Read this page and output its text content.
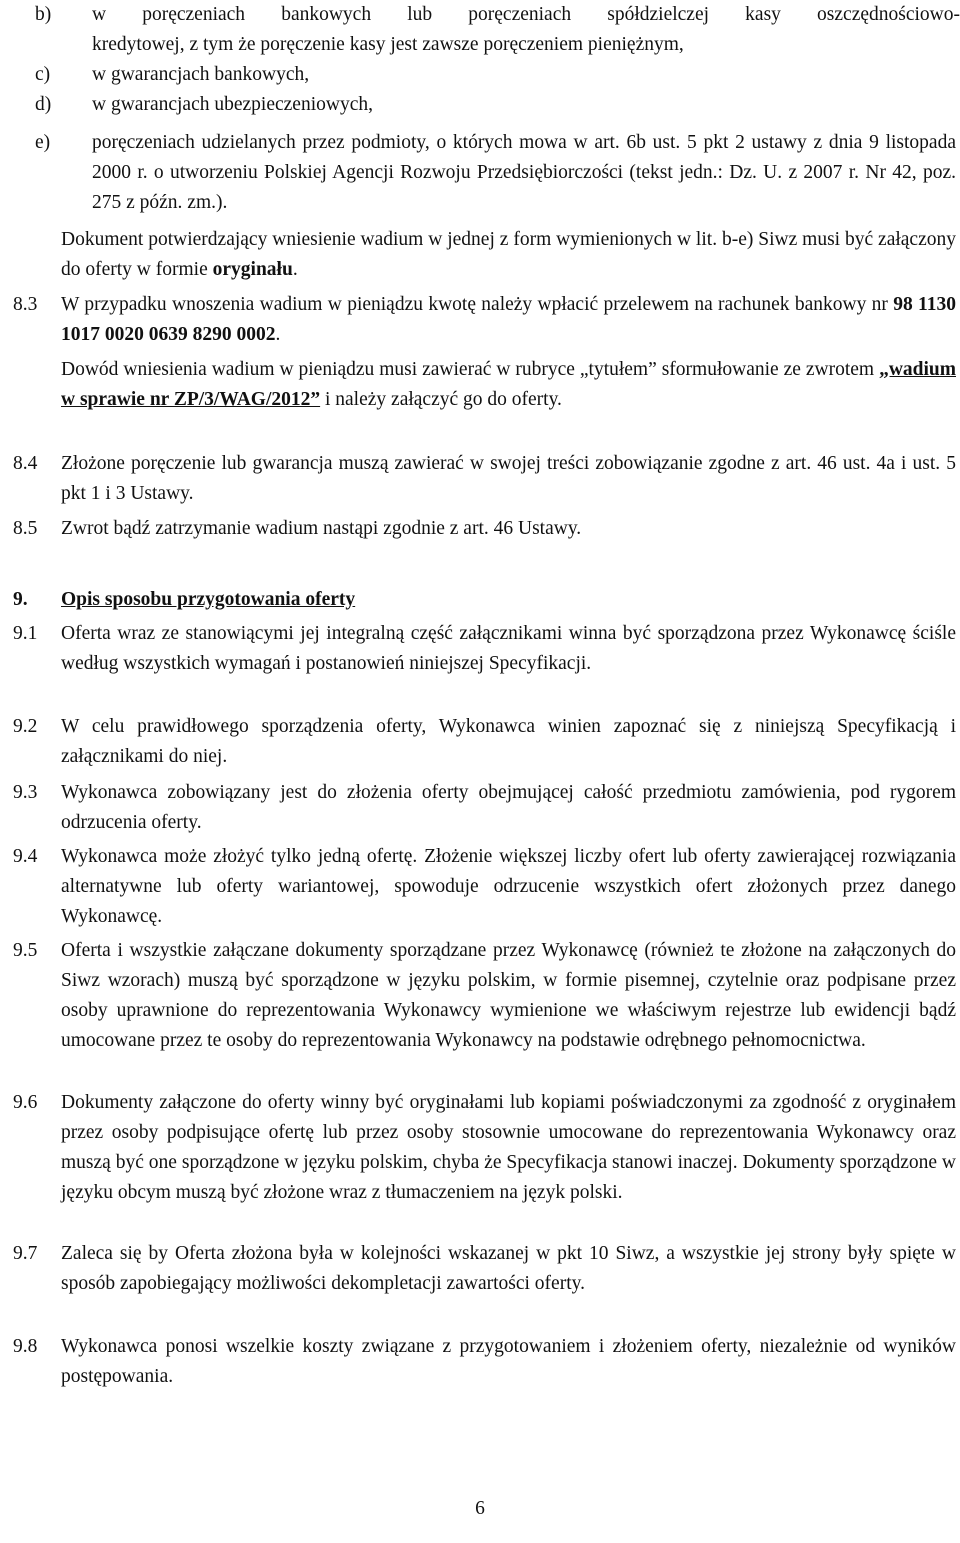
b) w poręczeniach bankowych lub poręczeniach spółdzielczej kasy oszczędnościowo-
kredytowej, z tym że poręczenie kasy jest zawsze poręczeniem pieniężnym,
c) w gwarancjach bankowych,
d) w gwarancjach ubezpieczeniowych,
e) poręczeniach udzielanych przez podmioty, o których mowa w art. 6b ust. 5 pkt 2 ustawy z dnia 9 listopada 2000 r. o utworzeniu Polskiej Agencji Rozwoju Przedsiębiorczości (tekst jedn.: Dz. U. z 2007 r. Nr 42, poz. 275 z późn. zm.).
Dokument potwierdzający wniesienie wadium w jednej z form wymienionych w lit. b-e) Siwz musi być załączony do oferty w formie oryginału.
8.3 W przypadku wnoszenia wadium w pieniądzu kwotę należy wpłacić przelewem na rachunek bankowy nr 98 1130 1017 0020 0639 8290 0002.
Dowód wniesienia wadium w pieniądzu musi zawierać w rubryce „tytułem” sformułowanie ze zwrotem „wadium w sprawie nr ZP/3/WAG/2012” i należy załączyć go do oferty.
8.4 Złożone poręczenie lub gwarancja muszą zawierać w swojej treści zobowiązanie zgodne z art. 46 ust. 4a i ust. 5 pkt 1 i 3 Ustawy.
8.5 Zwrot bądź zatrzymanie wadium nastąpi zgodnie z art. 46 Ustawy.
9. Opis sposobu przygotowania oferty
9.1 Oferta wraz ze stanowiącymi jej integralną część załącznikami winna być sporządzona przez Wykonawcę ściśle według wszystkich wymagań i postanowień niniejszej Specyfikacji.
9.2 W celu prawidłowego sporządzenia oferty, Wykonawca winien zapoznać się z niniejszą Specyfikacją i załącznikami do niej.
9.3 Wykonawca zobowiązany jest do złożenia oferty obejmującej całość przedmiotu zamówienia, pod rygorem odrzucenia oferty.
9.4 Wykonawca może złożyć tylko jedną ofertę. Złożenie większej liczby ofert lub oferty zawierającej rozwiązania alternatywne lub oferty wariantowej, spowoduje odrzucenie wszystkich ofert złożonych przez danego Wykonawcę.
9.5 Oferta i wszystkie załączane dokumenty sporządzane przez Wykonawcę (również te złożone na załączonych do Siwz wzorach) muszą być sporządzone w języku polskim, w formie pisemnej, czytelnie oraz podpisane przez osoby uprawnione do reprezentowania Wykonawcy wymienione we właściwym rejestrze lub ewidencji bądź umocowane przez te osoby do reprezentowania Wykonawcy na podstawie odrębnego pełnomocnictwa.
9.6 Dokumenty załączone do oferty winny być oryginałami lub kopiami poświadczonymi za zgodność z oryginałem przez osoby podpisujące ofertę lub przez osoby stosownie umocowane do reprezentowania Wykonawcy oraz muszą być one sporządzone w języku polskim, chyba że Specyfikacja stanowi inaczej. Dokumenty sporządzone w języku obcym muszą być złożone wraz z tłumaczeniem na język polski.
9.7 Zaleca się by Oferta złożona była w kolejności wskazanej w pkt 10 Siwz, a wszystkie jej strony były spięte w sposób zapobiegający możliwości dekompletacji zawartości oferty.
9.8 Wykonawca ponosi wszelkie koszty związane z przygotowaniem i złożeniem oferty, niezależnie od wyników postępowania.
6
